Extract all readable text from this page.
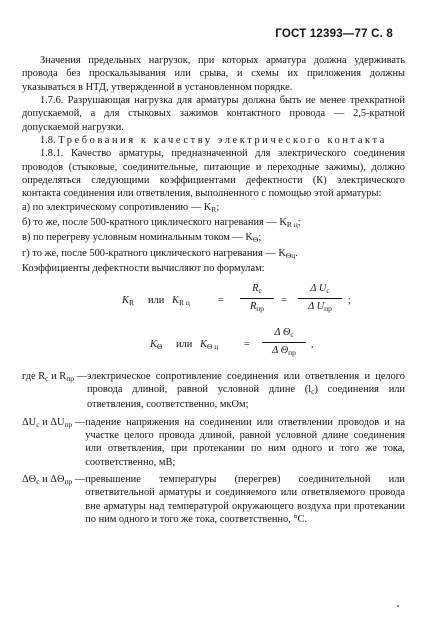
ГОСТ 12393—77 С. 8

Значения предельных нагрузок, при которых арматура должна удерживать провода без проскальзывания или срыва, и схемы их приложения должны указываться в НТД, утвержденной в установленном порядке.

1.7.6. Разрушающая нагрузка для арматуры должна быть не менее трехкратной допускаемой, а для стыковых зажимов контактного провода — 2,5-кратной допускаемой нагрузки.

1.8. Требования к качеству электрического контакта

1.8.1. Качество арматуры, предназначенной для электрического соединения проводов (стыковые, соединительные, питающие и переходные зажимы), должно определяться следующими коэффициентами дефектности (К) электрического контакта соединения или ответвления, выполненного с помощью этой арматуры:

а) по электрическому сопротивлению — $K_R$;

б) то же, после 500-кратного циклического нагревания — $K_{R ц}$;

в) по перегреву условным номинальным током — $K_\Theta$;

г) то же, после 500-кратного циклического нагревания — $K_{\Theta ц}$.

Коэффициенты дефектности вычисляют по формулам:

$K_R$ или $K_{R ц}$	=
$R_с$
$R_{пр}$
=
Δ $U_с$
Δ $U_{пр}$
;
$K_\Theta$ или $K_{\Theta ц}$ =
Δ $\Theta_с$
Δ $\Theta_{пр}$
,
где $R_с$ и $R_{пр}$ — электрическое сопротивление соединения или ответвления и целого провода длиной, равной условной длине $(l_с)$ соединения или ответвления, соответственно, мкОм;
$\Delta U_с$ и $\Delta U_{пр}$ — падение напряжения на соединении или ответвлении проводов и на участке целого провода длиной, равной условной длине соединения или ответвления, при протекании по ним одного и того же тока, соответственно, мВ;
$\Delta\Theta_с$ и $\Delta\Theta_{пр}$ — превышение температуры (перегрев) соединительной или ответвительной арматуры и соединяемого или ответвляемого провода вне арматуры над температурой окружающего воздуха при протекании по ним одного и того же тока, соответственно, °С.
